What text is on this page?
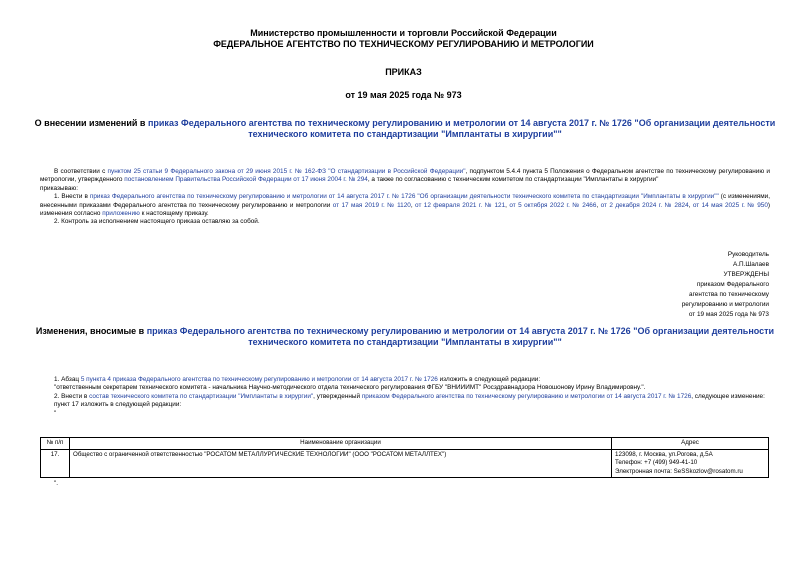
Министерство промышленности и торговли Российской Федерации
ФЕДЕРАЛЬНОЕ АГЕНТСТВО ПО ТЕХНИЧЕСКОМУ РЕГУЛИРОВАНИЮ И МЕТРОЛОГИИ
ПРИКАЗ
от 19 мая 2025 года № 973
О внесении изменений в приказ Федерального агентства по техническому регулированию и метрологии от 14 августа 2017 г. № 1726 "Об организации деятельности технического комитета по стандартизации "Имплантаты в хирургии""

В соответствии с пунктом 25 статьи 9 Федерального закона от 29 июня 2015 г. № 162-ФЗ "О стандартизации в Российской Федерации", подпунктом 5.4.4 пункта 5 Положения о Федеральном агентстве по техническому регулированию и метрологии, утвержденного постановлением Правительства Российской Федерации от 17 июня 2004 г. № 294, а также по согласованию с техническим комитетом по стандартизации "Имплантаты в хирургии"

приказываю:

1. Внести в приказ Федерального агентства по техническому регулированию и метрологии от 14 августа 2017 г. № 1726 "Об организации деятельности технического комитета по стандартизации "Имплантаты в хирургии"" (с изменениями, внесенными приказами Федерального агентства по техническому регулированию и метрологии от 17 мая 2019 г. № 1120, от 12 февраля 2021 г. № 121, от 5 октября 2022 г. № 2466, от 2 декабря 2024 г. № 2824, от 14 мая 2025 г. № 950) изменения согласно приложению к настоящему приказу.

2. Контроль за исполнением настоящего приказа оставляю за собой.

Руководитель
А.П.Шалаев
УТВЕРЖДЕНЫ
приказом Федерального
агентства по техническому
регулированию и метрологии
от 19 мая 2025 года № 973
Изменения, вносимые в приказ Федерального агентства по техническому регулированию и метрологии от 14 августа 2017 г. № 1726 "Об организации деятельности технического комитета по стандартизации "Имплантаты в хирургии""

1. Абзац 5 пункта 4 приказа Федерального агентства по техническому регулированию и метрологии от 14 августа 2017 г. № 1726 изложить в следующей редакции:

"ответственным секретарем технического комитета - начальника Научно-методического отдела технического регулирования ФГБУ "ВНИИИМТ" Росздравнадзора Новошонову Ирину Владимировну.".

2. Внести в состав технического комитета по стандартизации "Имплантаты в хирургии", утвержденный приказом Федерального агентства по техническому регулированию и метрологии от 14 августа 2017 г. № 1726, следующее изменение:

пункт 17 изложить в следующей редакции:

"

№ п/п	Наименование организации	Адрес
17.	Общество с ограниченной ответственностью "РОСАТОМ МЕТАЛЛУРГИЧЕСКИЕ ТЕХНОЛОГИИ" (ООО "РОСАТОМ МЕТАЛЛТЕХ")	123098, г. Москва, ул.Рогова, д.5А
Телефон: +7 (499) 949-41-10
Электронная почта: SeSSkozlov@rosatom.ru

".
